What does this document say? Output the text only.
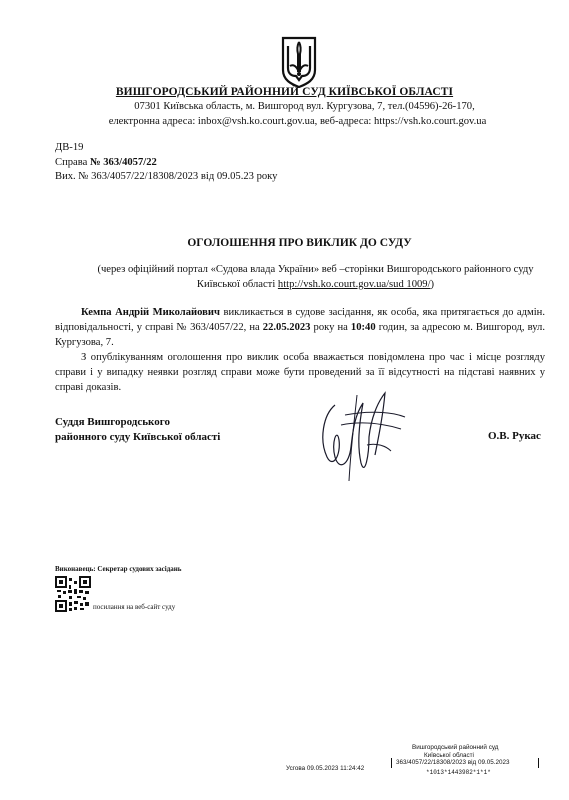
ВИШГОРОДСЬКИЙ РАЙОННИЙ СУД КИЇВСЬКОЇ ОБЛАСТІ
07301 Київська область, м. Вишгород вул. Кургузова, 7, тел.(04596)-26-170,
електронна адреса: inbox@vsh.ko.court.gov.ua, веб-адреса: https://vsh.ko.court.gov.ua
ДВ-19
Справа № 363/4057/22
Вих. № 363/4057/22/18308/2023 від 09.05.23 року
ОГОЛОШЕННЯ ПРО ВИКЛИК ДО СУДУ
(через офіційний портал «Судова влада України» веб –сторінки Вишгородського районного суду Київської області http://vsh.ko.court.gov.ua/sud 1009/)
Кемпа Андрій Миколайович викликається в судове засідання, як особа, яка притягається до адмін. відповідальності, у справі № 363/4057/22, на 22.05.2023 року на 10:40 годин, за адресою м. Вишгород, вул. Кургузова, 7.
З опублікуванням оголошення про виклик особа вважається повідомлена про час і місце розгляду справи і у випадку неявки розгляд справи може бути проведений за її відсутності на підставі наявних у справі доказів.
Суддя Вишгородського
районного суду Київської області	О.В. Рукас
Виконавець: Секретар судових засідань
посилання на веб-сайт суду
Вишгородський районний суд
Київської області
363/4057/22/18308/2023 від 09.05.2023
Усгова 09.05.2023 11:24:42
*1013*1443982*1*1*
